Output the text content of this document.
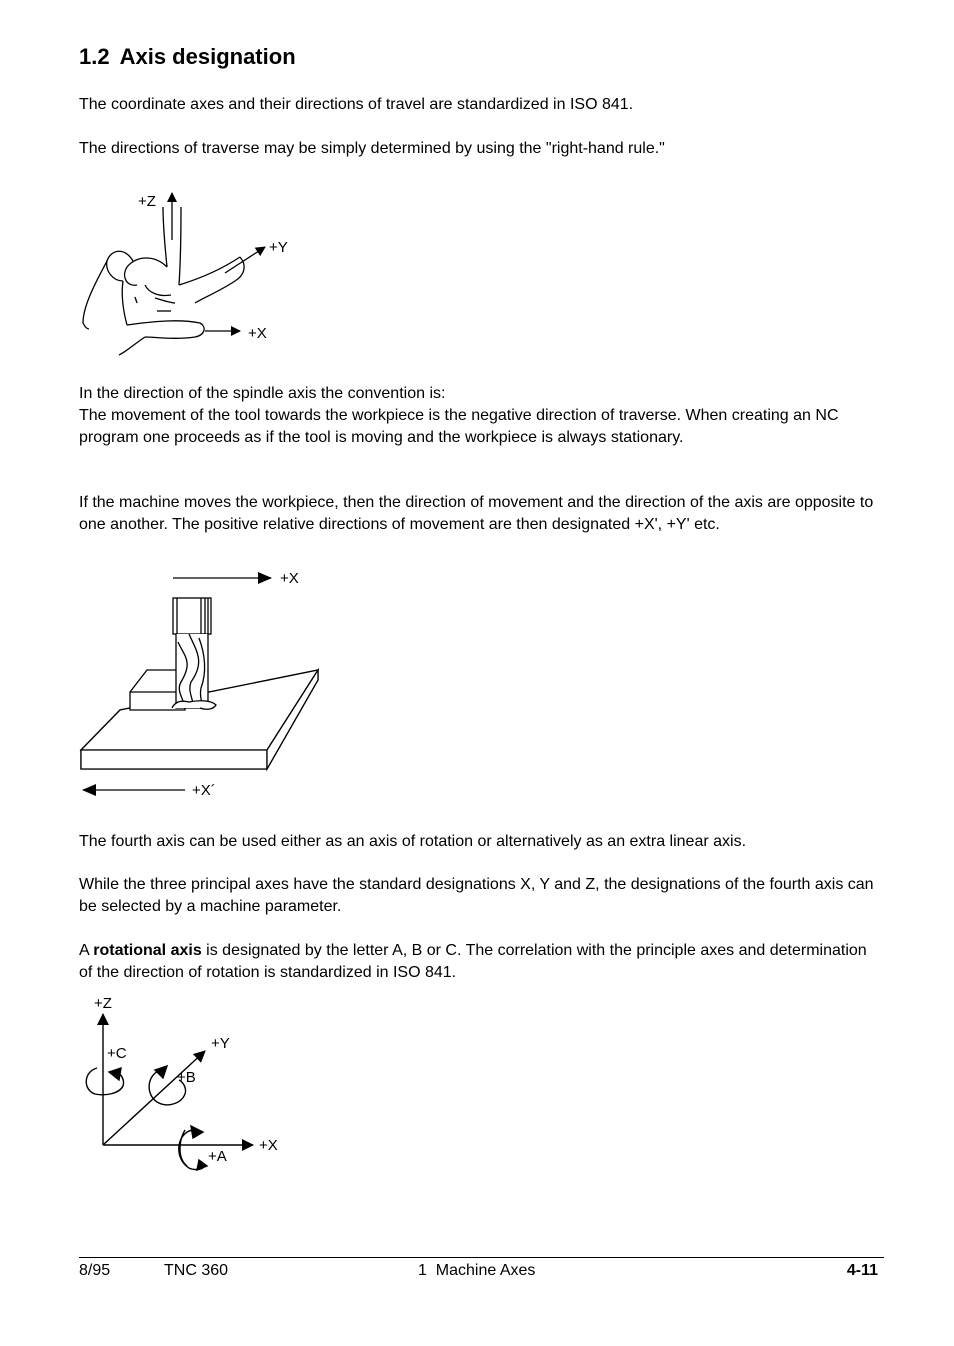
1.2 Axis designation

The coordinate axes and their directions of travel are standardized in ISO 841.

The directions of traverse may be simply determined by using the "right-hand rule."

+Z
+Y
+X

In the direction of the spindle axis the convention is:
The movement of the tool towards the workpiece is the negative direction of traverse. When creating an NC program one proceeds as if the tool is moving and the workpiece is always stationary.

If the machine moves the workpiece, then the direction of movement and the direction of the axis are opposite to one another. The positive relative directions of movement are then designated +X', +Y' etc.

+X
+X´

The fourth axis can be used either as an axis of rotation or alternatively as an extra linear axis.

While the three principal axes have the standard designations X, Y and Z, the designations of the fourth axis can be selected by a machine parameter.

A rotational axis is designated by the letter A, B or C. The correlation with the principle axes and determination of the direction of rotation is standardized in ISO 841.

+Z
+C
+Y
+B
+X
+A
8/95	TNC 360	1  Machine Axes	4-11
